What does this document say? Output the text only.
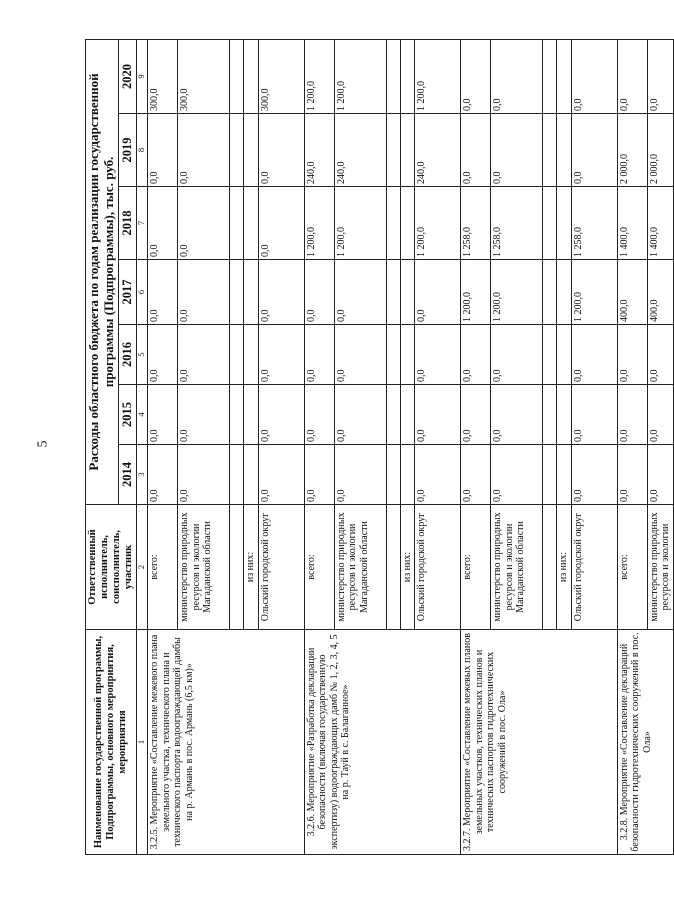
5
Наименование государственной программы, Подпрограммы, основного мероприятия, мероприятия	Ответственный исполнитель, соисполнитель, участник	Расходы областного бюджета по годам реализации государственной программы (Подпрограммы), тыс. руб.						
		2014	2015	2016	2017	2018	2019	2020
1	2	3	4	5	6	7	8	9
3.2.5. Мероприятие «Составление межевого плана земельного участка, технического плана и технического паспорта водоограждающей дамбы на р. Армань в пос. Армань (6,5 км)»	всего:	0,0	0,0	0,0	0,0	0,0	0,0	300,0
	министерство природных ресурсов и экологии Магаданской области	0,0	0,0	0,0	0,0	0,0	0,0	300,0

	из них:							
	Ольский городской округ	0,0	0,0	0,0	0,0	0,0	0,0	300,0
3.2.6. Мероприятие «Разработка декларации безопасности (включая государственную экспертизу) водоограждающих дамб № 1, 2, 3, 4, 5 на р. Тауй в с. Балаганное»	всего:	0,0	0,0	0,0	0,0	1 200,0	240,0	1 200,0
	министерство природных ресурсов и экологии Магаданской области	0,0	0,0	0,0	0,0	1 200,0	240,0	1 200,0

	из них:							
	Ольский городской округ	0,0	0,0	0,0	0,0	1 200,0	240,0	1 200,0
3.2.7. Мероприятие «Составление межевых планов земельных участков, технических планов и технических паспортов гидротехнических сооружений в пос. Ола»	всего:	0,0	0,0	0,0	1 200,0	1 258,0	0,0	0,0
	министерство природных ресурсов и экологии Магаданской области	0,0	0,0	0,0	1 200,0	1 258,0	0,0	0,0

	из них:							
	Ольский городской округ	0,0	0,0	0,0	1 200,0	1 258,0	0,0	0,0
3.2.8. Мероприятие «Составление деклараций безопасности гидротехнических сооружений в пос. Ола»	всего:	0,0	0,0	0,0	400,0	1 400,0	2 000,0	0,0
	министерство природных ресурсов и экологии	0,0	0,0	0,0	400,0	1 400,0	2 000,0	0,0
